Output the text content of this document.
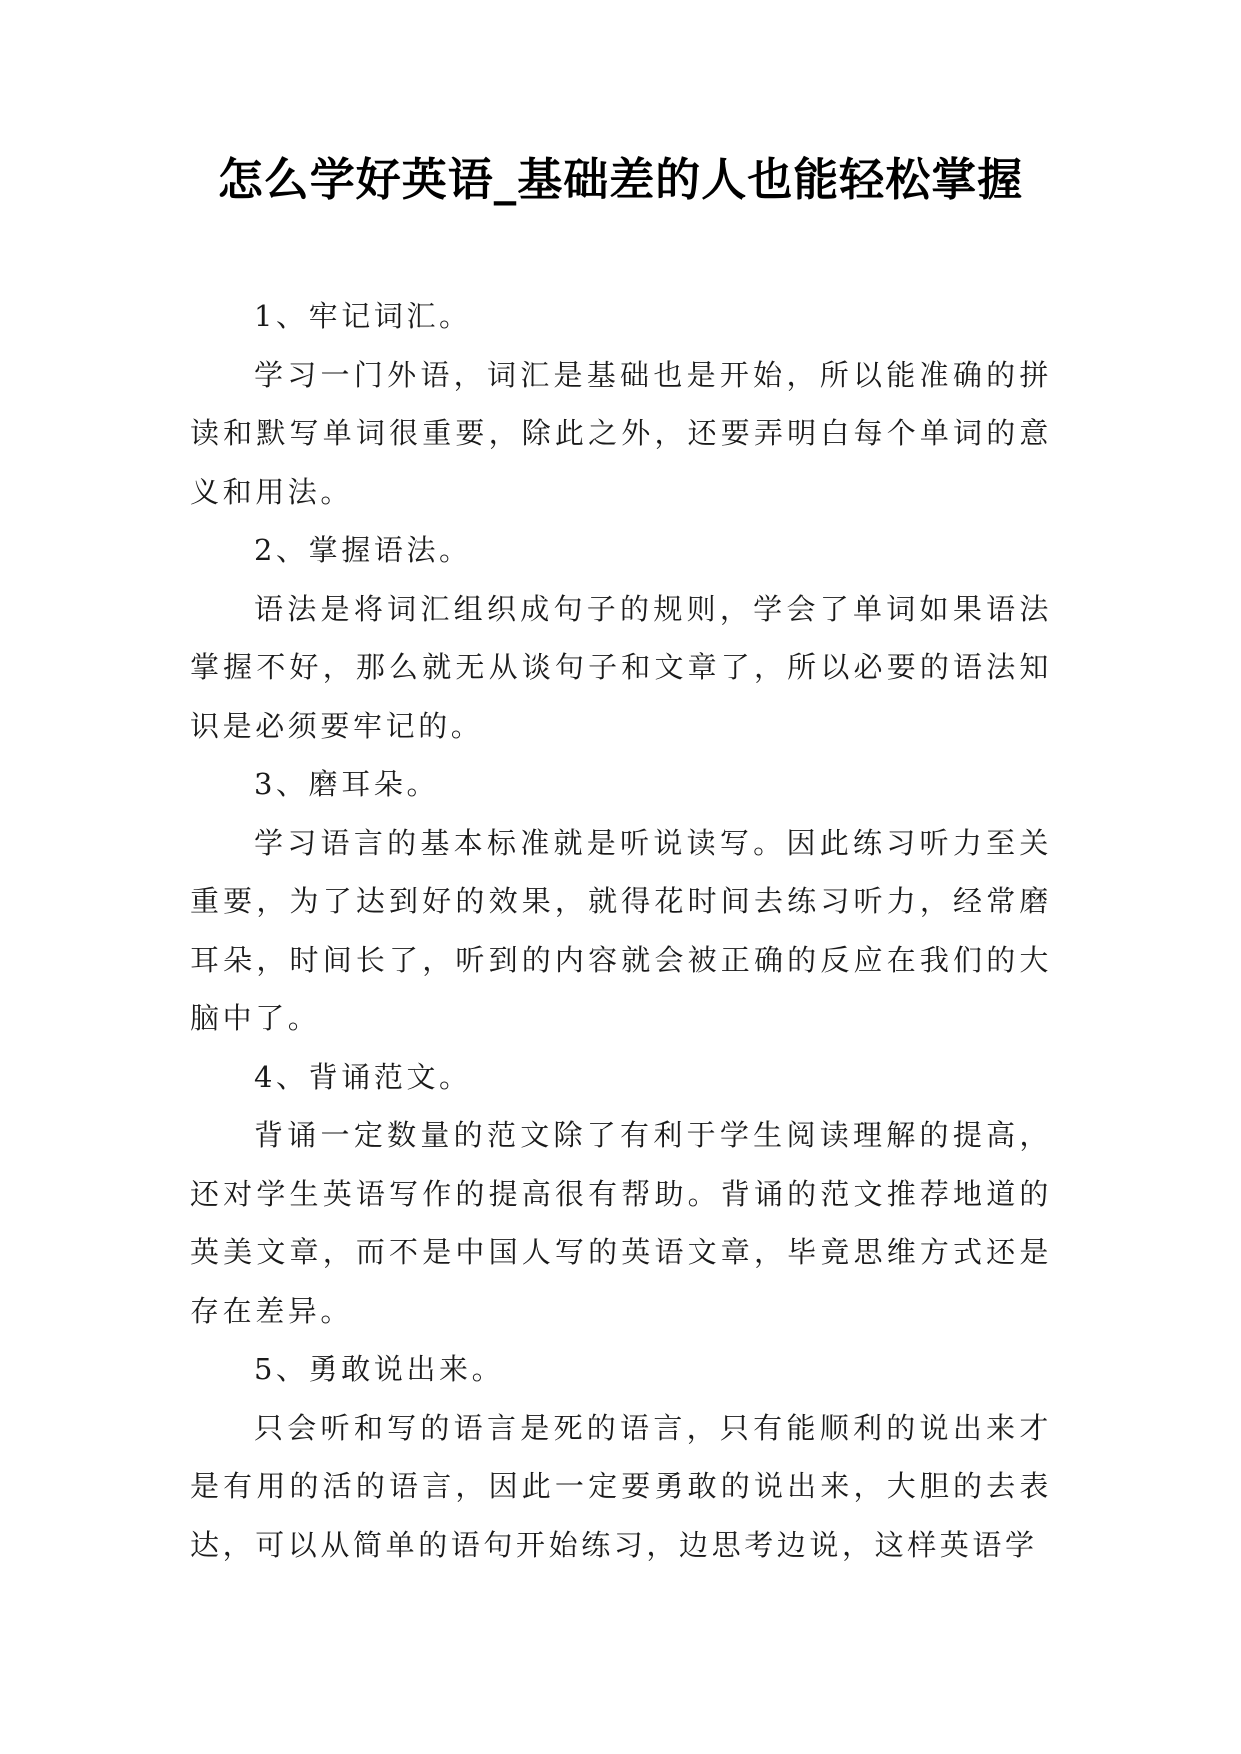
怎么学好英语_基础差的人也能轻松掌握

1、牢记词汇。

学习一门外语，词汇是基础也是开始，所以能准确的拼读和默写单词很重要，除此之外，还要弄明白每个单词的意义和用法。

2、掌握语法。

语法是将词汇组织成句子的规则，学会了单词如果语法掌握不好，那么就无从谈句子和文章了，所以必要的语法知识是必须要牢记的。

3、磨耳朵。

学习语言的基本标准就是听说读写。因此练习听力至关重要，为了达到好的效果，就得花时间去练习听力，经常磨耳朵，时间长了，听到的内容就会被正确的反应在我们的大脑中了。

4、背诵范文。

背诵一定数量的范文除了有利于学生阅读理解的提高，还对学生英语写作的提高很有帮助。背诵的范文推荐地道的英美文章，而不是中国人写的英语文章，毕竟思维方式还是存在差异。

5、勇敢说出来。

只会听和写的语言是死的语言，只有能顺利的说出来才是有用的活的语言，因此一定要勇敢的说出来，大胆的去表达，可以从简单的语句开始练习，边思考边说，这样英语学
